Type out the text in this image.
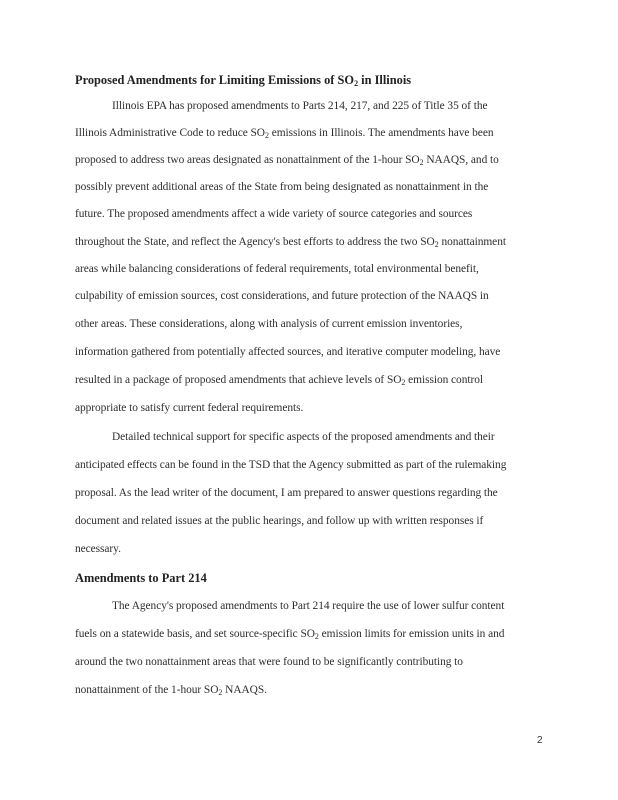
Proposed Amendments for Limiting Emissions of $SO_2$ in Illinois
Illinois EPA has proposed amendments to Parts 214, 217, and 225 of Title 35 of the
Illinois Administrative Code to reduce $SO_2$ emissions in Illinois. The amendments have been
proposed to address two areas designated as nonattainment of the 1-hour $SO_2$ NAAQS, and to
possibly prevent additional areas of the State from being designated as nonattainment in the
future. The proposed amendments affect a wide variety of source categories and sources
throughout the State, and reflect the Agency's best efforts to address the two $SO_2$ nonattainment
areas while balancing considerations of federal requirements, total environmental benefit,
culpability of emission sources, cost considerations, and future protection of the NAAQS in
other areas. These considerations, along with analysis of current emission inventories,
information gathered from potentially affected sources, and iterative computer modeling, have
resulted in a package of proposed amendments that achieve levels of $SO_2$ emission control
appropriate to satisfy current federal requirements.
Detailed technical support for specific aspects of the proposed amendments and their
anticipated effects can be found in the TSD that the Agency submitted as part of the rulemaking
proposal. As the lead writer of the document, I am prepared to answer questions regarding the
document and related issues at the public hearings, and follow up with written responses if
necessary.
Amendments to Part 214
The Agency's proposed amendments to Part 214 require the use of lower sulfur content
fuels on a statewide basis, and set source-specific $SO_2$ emission limits for emission units in and
around the two nonattainment areas that were found to be significantly contributing to
nonattainment of the 1-hour $SO_2$ NAAQS.
2
